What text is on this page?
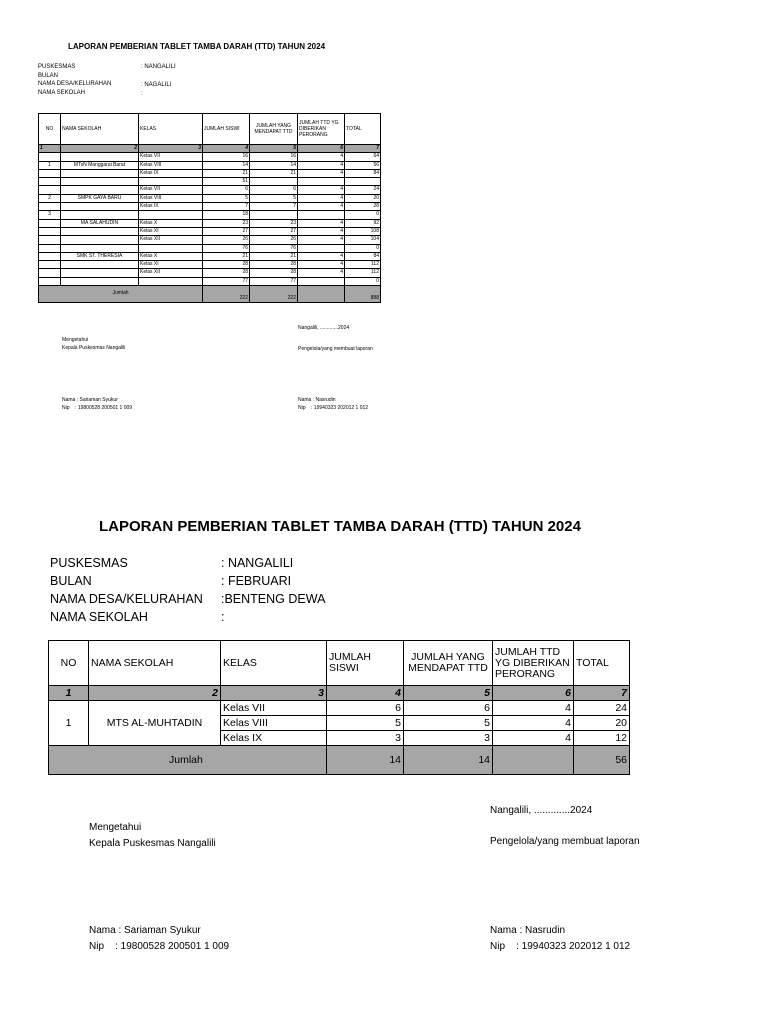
LAPORAN PEMBERIAN TABLET TAMBA DARAH (TTD) TAHUN 2024
PUSKESMAS	: NANGALILI
BULAN
NAMA DESA/KELURAHAN	: NAGALILI
NAMA SEKOLAH	:
NO	NAMA SEKOLAH	KELAS	JUMLAH SISWI	JUMLAH YANG MENDAPAT TTD	JUMLAH TTD YG DIBERIKAN PERORANG	TOTAL
1	2	3	4	5	6	7
		Kelas VII	16	16	4	64
1	MTsN Manggarai Barat	Kelas VIII	14	14	4	56
		Kelas IX	21	21	4	84
			51			
		Kelas VII	6	6	4	24
2	SMPK GAYA BARU	Kelas VIII	5	5	4	20
		Kelas IX	7	7	4	28
3			18			0
	MA SALAHUDIN	Kelas X	23	23	4	92
		Kelas XI	27	27	4	108
		Kelas XII	26	26	4	104
			76	76		0
	SMK ST. THERESIA	Kelas X	21	21	4	84
		Kelas XI	28	28	4	112
		Kelas XII	28	28	4	112
			77	77		0
Jumlah			222	222		888
Nangalili, .............2024
Mengetahui
Kepala Puskesmas Nangalili	Pengelola/yang membuat laporan
Nama : Sariaman Syukur
Nip    : 19800528 200501 1 009
Nama : Nasrudin
Nip    : 19940323 202012 1 012
LAPORAN PEMBERIAN TABLET TAMBA DARAH (TTD) TAHUN 2024
PUSKESMAS	: NANGALILI
BULAN	: FEBRUARI
NAMA DESA/KELURAHAN :BENTENG DEWA
NAMA SEKOLAH	:
NO	NAMA SEKOLAH	KELAS	JUMLAH SISWI	JUMLAH YANG MENDAPAT TTD	JUMLAH TTD YG DIBERIKAN PERORANG	TOTAL
1	2	3	4	5	6	7
1	MTS AL-MUHTADIN	Kelas VII	6	6	4	24
		Kelas VIII	5	5	4	20
		Kelas IX	3	3	4	12
Jumlah			14	14		56
Nangalili, .............2024
Mengetahui
Kepala Puskesmas Nangalili	Pengelola/yang membuat laporan
Nama : Sariaman Syukur
Nip    : 19800528 200501 1 009
Nama : Nasrudin
Nip    : 19940323 202012 1 012
